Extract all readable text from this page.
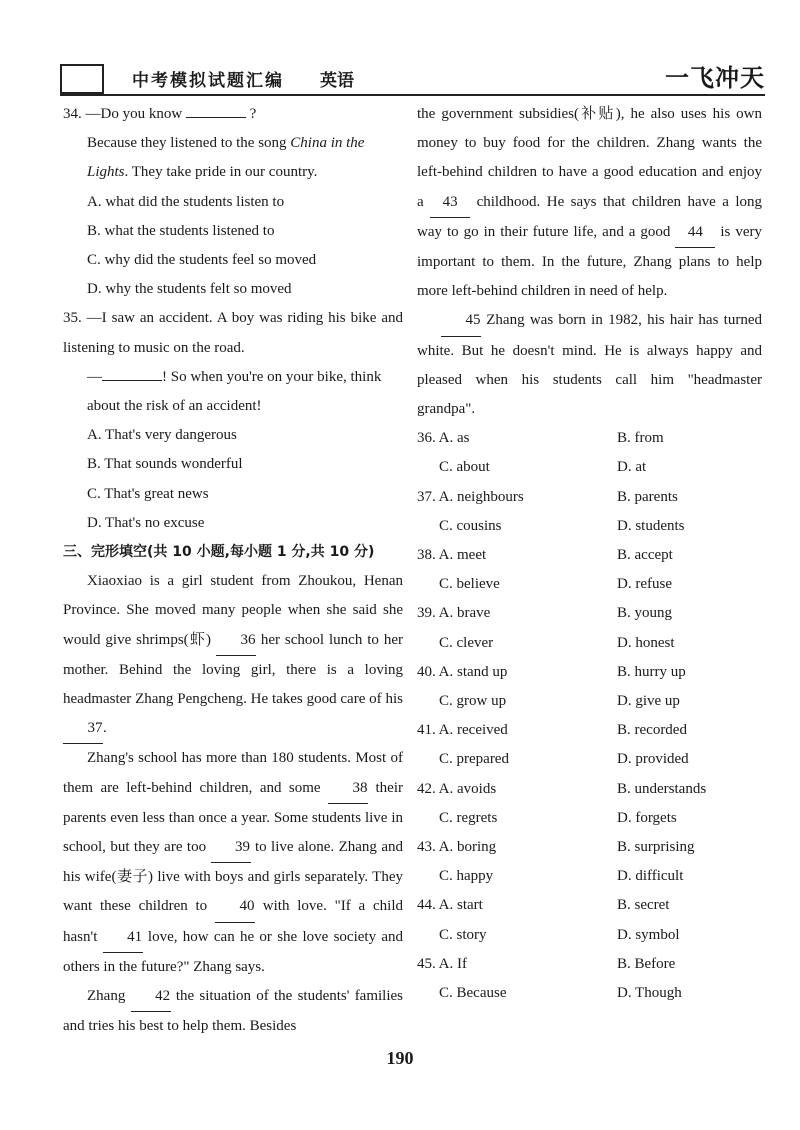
中考模拟试题汇编 英语	一飞冲天

34. —Do you know	?

Because they listened to the song China in the Lights. They take pride in our country.

A. what did the students listen to

B. what the students listened to

C. why did the students feel so moved

D. why the students felt so moved

35. —I saw an accident. A boy was riding his bike and listening to music on the road.

—	! So when you're on your bike, think about the risk of an accident!

A. That's very dangerous

B. That sounds wonderful

C. That's great news

D. That's no excuse

三、完形填空(共 10 小题,每小题 1 分,共 10 分)

Xiaoxiao is a girl student from Zhoukou, Henan Province. She moved many people when she said she would give shrimps(虾) 36 her school lunch to her mother. Behind the loving girl, there is a loving headmaster Zhang Pengcheng. He takes good care of his 37.

Zhang's school has more than 180 students. Most of them are left-behind children, and some 38 their parents even less than once a year. Some students live in school, but they are too 39 to live alone. Zhang and his wife(妻子) live with boys and girls separately. They want these children to 40 with love. "If a child hasn't 41 love, how can he or she love society and others in the future?" Zhang says.

Zhang 42 the situation of the students' families and tries his best to help them. Besides

the government subsidies(补贴), he also uses his own money to buy food for the children. Zhang wants the left-behind children to have a good education and enjoy a 43 childhood. He says that children have a long way to go in their future life, and a good 44 is very important to them. In the future, Zhang plans to help more left-behind children in need of help.

45 Zhang was born in 1982, his hair has turned white. But he doesn't mind. He is always happy and pleased when his students call him "headmaster grandpa".

36. A. as	B. from
C. about	D. at
37. A. neighbours	B. parents
C. cousins	D. students
38. A. meet	B. accept
C. believe	D. refuse
39. A. brave	B. young
C. clever	D. honest
40. A. stand up	B. hurry up
C. grow up	D. give up
41. A. received	B. recorded
C. prepared	D. provided
42. A. avoids	B. understands
C. regrets	D. forgets
43. A. boring	B. surprising
C. happy	D. difficult
44. A. start	B. secret
C. story	D. symbol
45. A. If	B. Before
C. Because	D. Though
190
